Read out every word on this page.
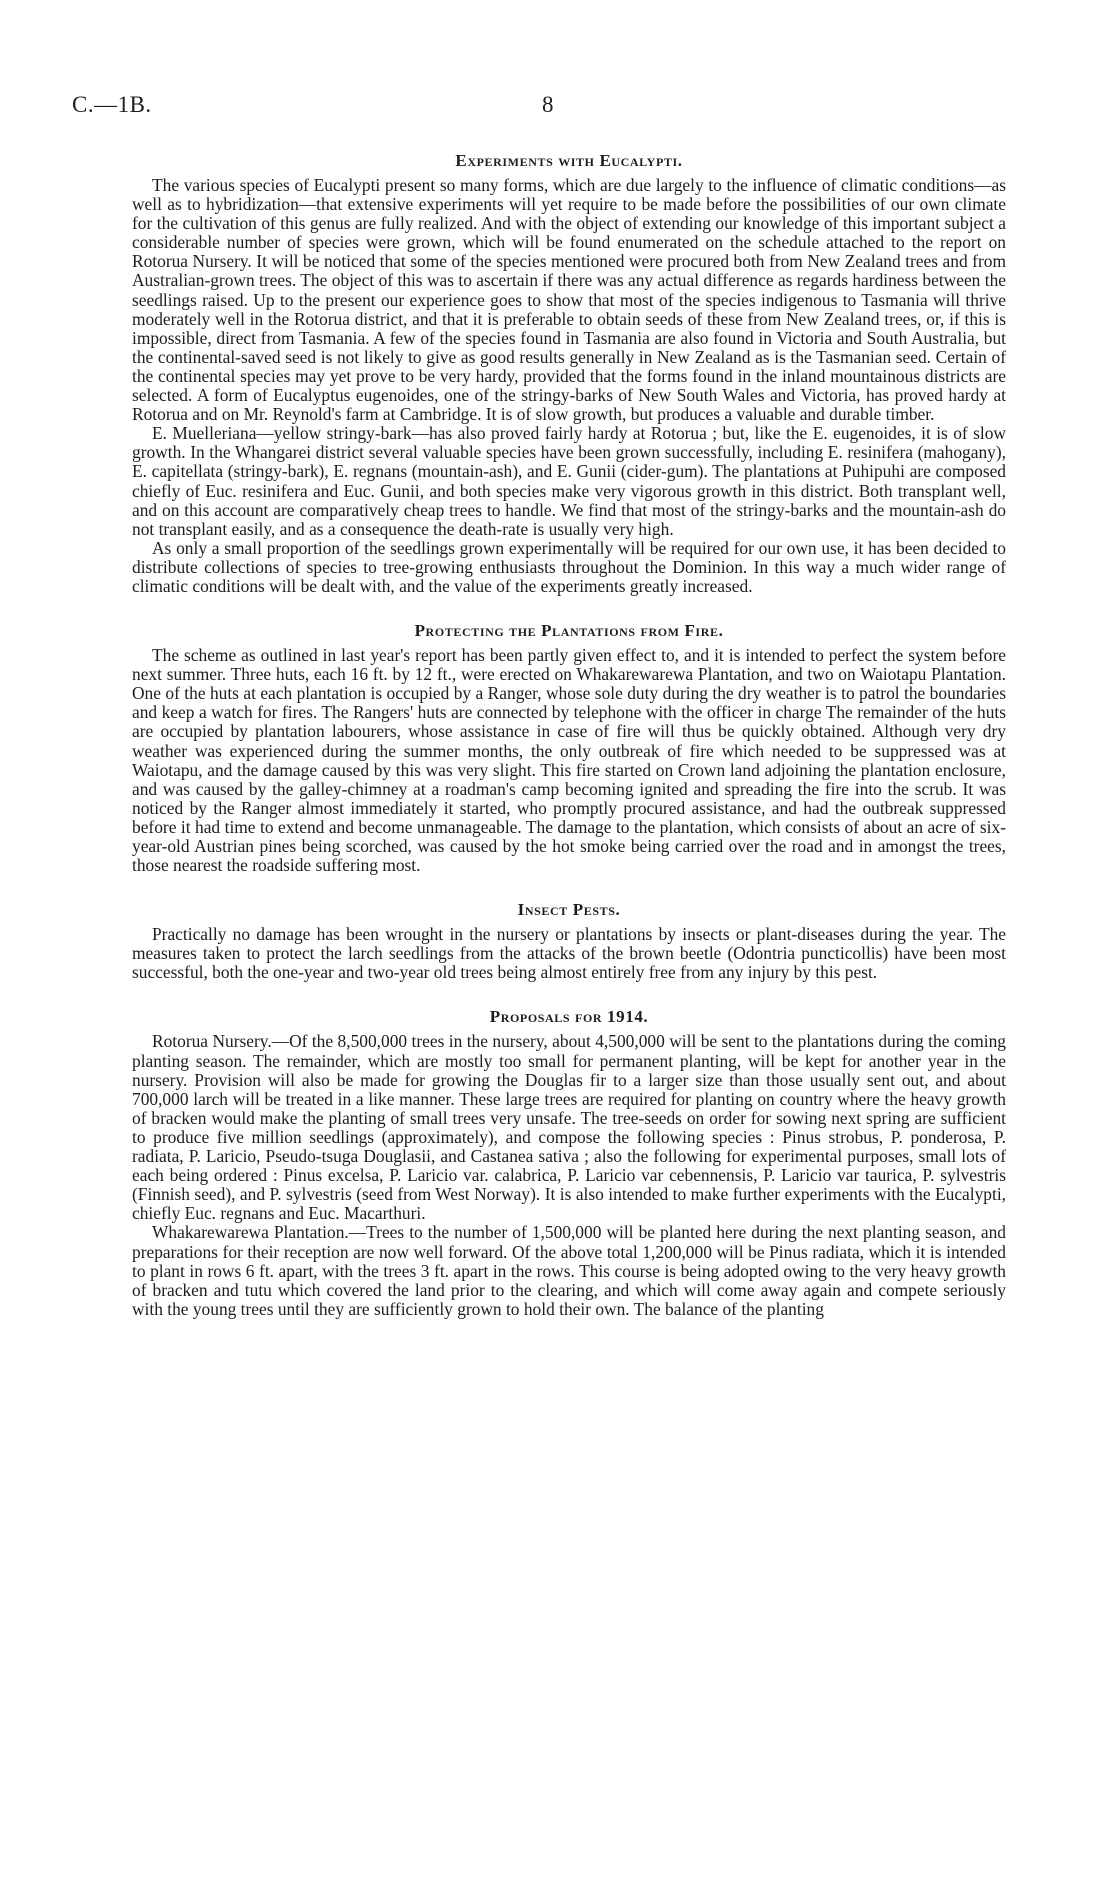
C.—1B.	8
Experiments with Eucalypti.

The various species of Eucalypti present so many forms, which are due largely to the influence of climatic conditions—as well as to hybridization—that extensive experiments will yet require to be made before the possibilities of our own climate for the cultivation of this genus are fully realized. And with the object of extending our knowledge of this important subject a considerable number of species were grown, which will be found enumerated on the schedule attached to the report on Rotorua Nursery. It will be noticed that some of the species mentioned were procured both from New Zealand trees and from Australian-grown trees. The object of this was to ascertain if there was any actual difference as regards hardiness between the seedlings raised. Up to the present our experience goes to show that most of the species indigenous to Tasmania will thrive moderately well in the Rotorua district, and that it is preferable to obtain seeds of these from New Zealand trees, or, if this is impossible, direct from Tasmania. A few of the species found in Tasmania are also found in Victoria and South Australia, but the continental-saved seed is not likely to give as good results generally in New Zealand as is the Tasmanian seed. Certain of the continental species may yet prove to be very hardy, provided that the forms found in the inland mountainous districts are selected. A form of Eucalyptus eugenoides, one of the stringy-barks of New South Wales and Victoria, has proved hardy at Rotorua and on Mr. Reynold's farm at Cambridge. It is of slow growth, but produces a valuable and durable timber.

E. Muelleriana—yellow stringy-bark—has also proved fairly hardy at Rotorua ; but, like the E. eugenoides, it is of slow growth. In the Whangarei district several valuable species have been grown successfully, including E. resinifera (mahogany), E. capitellata (stringy-bark), E. regnans (mountain-ash), and E. Gunii (cider-gum). The plantations at Puhipuhi are composed chiefly of Euc. resinifera and Euc. Gunii, and both species make very vigorous growth in this district. Both transplant well, and on this account are comparatively cheap trees to handle. We find that most of the stringy-barks and the mountain-ash do not transplant easily, and as a consequence the death-rate is usually very high.

As only a small proportion of the seedlings grown experimentally will be required for our own use, it has been decided to distribute collections of species to tree-growing enthusiasts throughout the Dominion. In this way a much wider range of climatic conditions will be dealt with, and the value of the experiments greatly increased.

Protecting the Plantations from Fire.

The scheme as outlined in last year's report has been partly given effect to, and it is intended to perfect the system before next summer. Three huts, each 16 ft. by 12 ft., were erected on Whakarewarewa Plantation, and two on Waiotapu Plantation. One of the huts at each plantation is occupied by a Ranger, whose sole duty during the dry weather is to patrol the boundaries and keep a watch for fires. The Rangers' huts are connected by telephone with the officer in charge The remainder of the huts are occupied by plantation labourers, whose assistance in case of fire will thus be quickly obtained. Although very dry weather was experienced during the summer months, the only outbreak of fire which needed to be suppressed was at Waiotapu, and the damage caused by this was very slight. This fire started on Crown land adjoining the plantation enclosure, and was caused by the galley-chimney at a roadman's camp becoming ignited and spreading the fire into the scrub. It was noticed by the Ranger almost immediately it started, who promptly procured assistance, and had the outbreak suppressed before it had time to extend and become unmanageable. The damage to the plantation, which consists of about an acre of six-year-old Austrian pines being scorched, was caused by the hot smoke being carried over the road and in amongst the trees, those nearest the roadside suffering most.

Insect Pests.

Practically no damage has been wrought in the nursery or plantations by insects or plant-diseases during the year. The measures taken to protect the larch seedlings from the attacks of the brown beetle (Odontria puncticollis) have been most successful, both the one-year and two-year old trees being almost entirely free from any injury by this pest.

Proposals for 1914.

Rotorua Nursery.—Of the 8,500,000 trees in the nursery, about 4,500,000 will be sent to the plantations during the coming planting season. The remainder, which are mostly too small for permanent planting, will be kept for another year in the nursery. Provision will also be made for growing the Douglas fir to a larger size than those usually sent out, and about 700,000 larch will be treated in a like manner. These large trees are required for planting on country where the heavy growth of bracken would make the planting of small trees very unsafe. The tree-seeds on order for sowing next spring are sufficient to produce five million seedlings (approximately), and compose the following species : Pinus strobus, P. ponderosa, P. radiata, P. Laricio, Pseudo-tsuga Douglasii, and Castanea sativa ; also the following for experimental purposes, small lots of each being ordered : Pinus excelsa, P. Laricio var. calabrica, P. Laricio var cebennensis, P. Laricio var taurica, P. sylvestris (Finnish seed), and P. sylvestris (seed from West Norway). It is also intended to make further experiments with the Eucalypti, chiefly Euc. regnans and Euc. Macarthuri.

Whakarewarewa Plantation.—Trees to the number of 1,500,000 will be planted here during the next planting season, and preparations for their reception are now well forward. Of the above total 1,200,000 will be Pinus radiata, which it is intended to plant in rows 6 ft. apart, with the trees 3 ft. apart in the rows. This course is being adopted owing to the very heavy growth of bracken and tutu which covered the land prior to the clearing, and which will come away again and compete seriously with the young trees until they are sufficiently grown to hold their own. The balance of the planting
